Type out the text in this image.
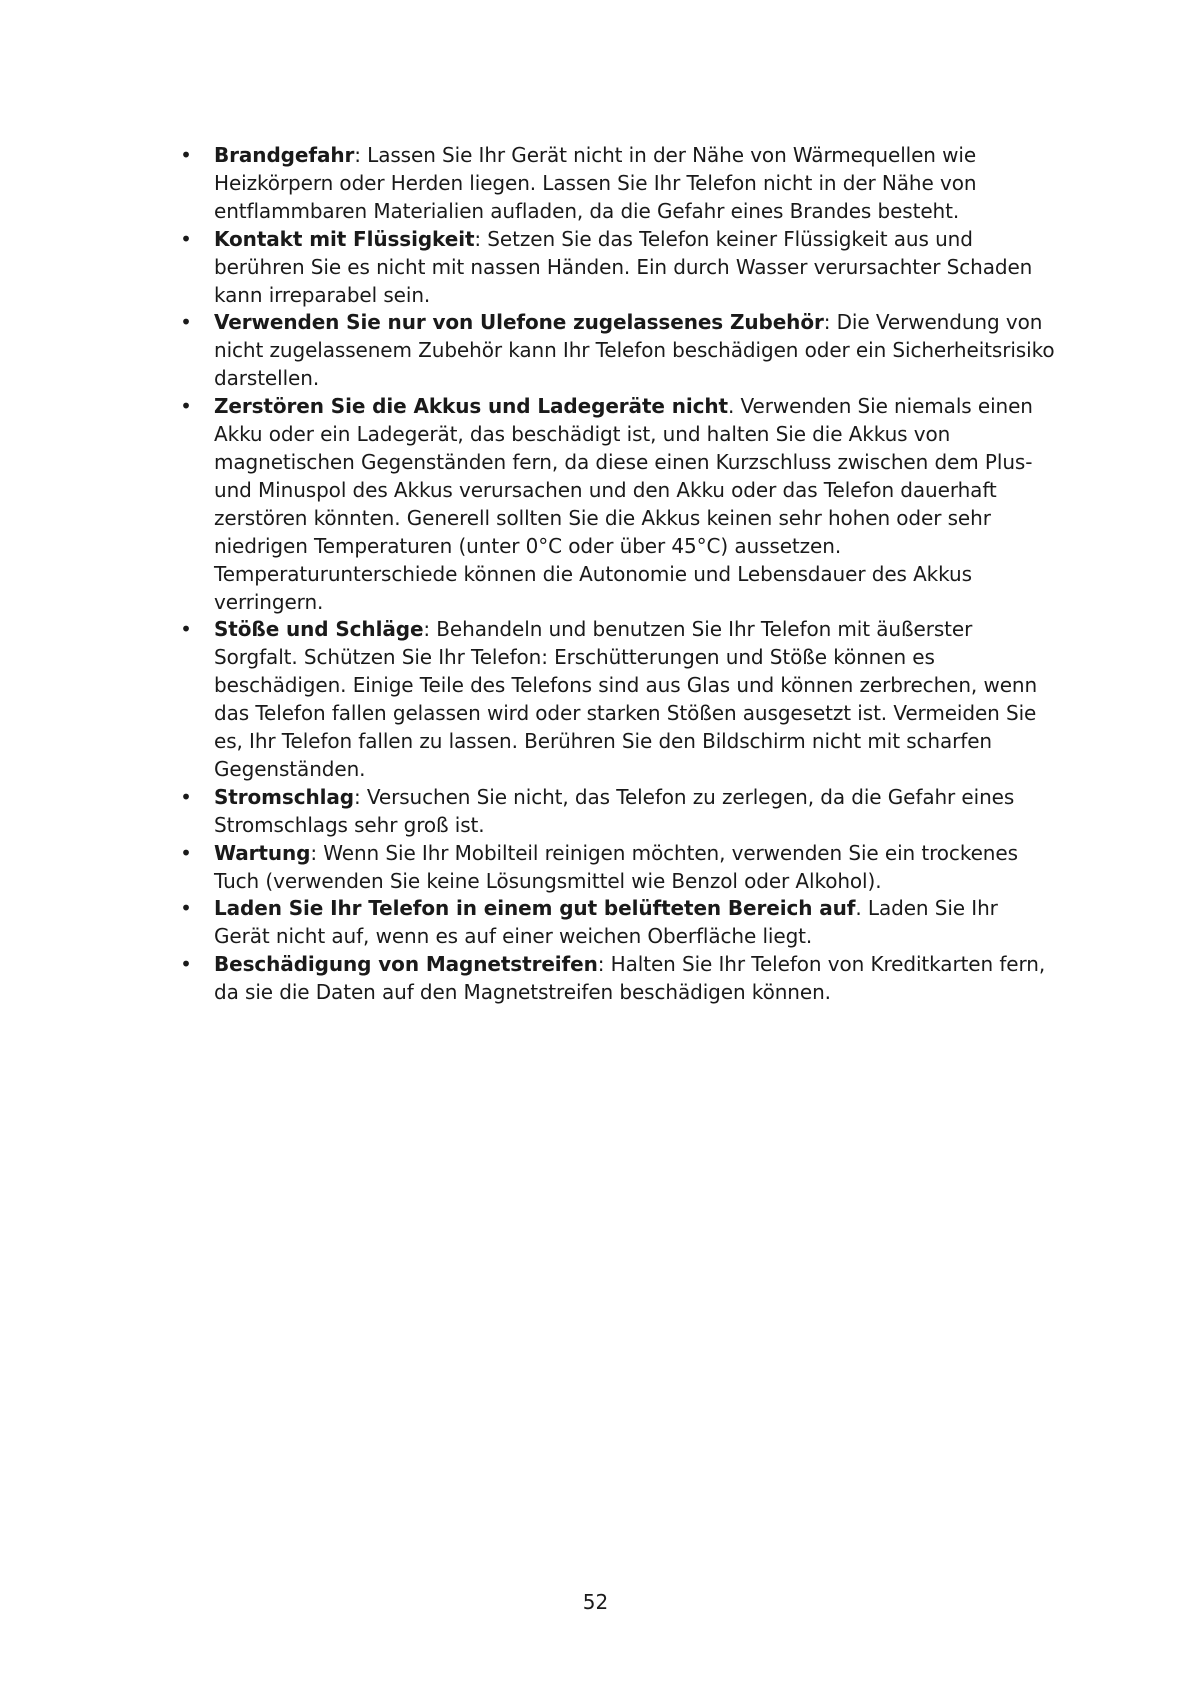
• Brandgefahr: Lassen Sie Ihr Gerät nicht in der Nähe von Wärmequellen wie Heizkörpern oder Herden liegen. Lassen Sie Ihr Telefon nicht in der Nähe von entflammbaren Materialien aufladen, da die Gefahr eines Brandes besteht.
• Kontakt mit Flüssigkeit: Setzen Sie das Telefon keiner Flüssigkeit aus und berühren Sie es nicht mit nassen Händen. Ein durch Wasser verursachter Schaden kann irreparabel sein.
• Verwenden Sie nur von Ulefone zugelassenes Zubehör: Die Verwendung von nicht zugelassenem Zubehör kann Ihr Telefon beschädigen oder ein Sicherheitsrisiko darstellen.
• Zerstören Sie die Akkus und Ladegeräte nicht. Verwenden Sie niemals einen Akku oder ein Ladegerät, das beschädigt ist, und halten Sie die Akkus von magnetischen Gegenständen fern, da diese einen Kurzschluss zwischen dem Plus- und Minuspol des Akkus verursachen und den Akku oder das Telefon dauerhaft zerstören könnten. Generell sollten Sie die Akkus keinen sehr hohen oder sehr niedrigen Temperaturen (unter 0°C oder über 45°C) aussetzen. Temperaturunterschiede können die Autonomie und Lebensdauer des Akkus verringern.
• Stöße und Schläge: Behandeln und benutzen Sie Ihr Telefon mit äußerster Sorgfalt. Schützen Sie Ihr Telefon: Erschütterungen und Stöße können es beschädigen. Einige Teile des Telefons sind aus Glas und können zerbrechen, wenn das Telefon fallen gelassen wird oder starken Stößen ausgesetzt ist. Vermeiden Sie es, Ihr Telefon fallen zu lassen. Berühren Sie den Bildschirm nicht mit scharfen Gegenständen.
• Stromschlag: Versuchen Sie nicht, das Telefon zu zerlegen, da die Gefahr eines Stromschlags sehr groß ist.
• Wartung: Wenn Sie Ihr Mobilteil reinigen möchten, verwenden Sie ein trockenes Tuch (verwenden Sie keine Lösungsmittel wie Benzol oder Alkohol).
• Laden Sie Ihr Telefon in einem gut belüfteten Bereich auf. Laden Sie Ihr Gerät nicht auf, wenn es auf einer weichen Oberfläche liegt.
• Beschädigung von Magnetstreifen: Halten Sie Ihr Telefon von Kreditkarten fern, da sie die Daten auf den Magnetstreifen beschädigen können.
52
